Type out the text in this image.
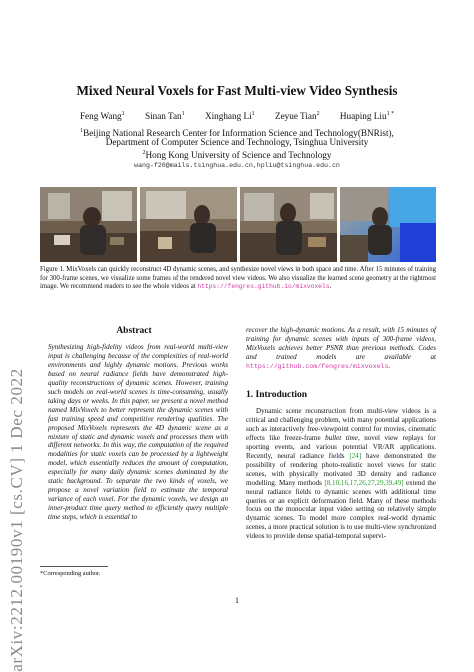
arXiv:2212.00190v1 [cs.CV] 1 Dec 2022
Mixed Neural Voxels for Fast Multi-view Video Synthesis
Feng Wang$^1$ Sinan Tan$^1$ Xinghang Li$^1$ Zeyue Tian$^2$ Huaping Liu$^{1 *}$
$^1$Beijing National Research Center for Information Science and Technology(BNRist),
Department of Computer Science and Technology, Tsinghua University
$^2$Hong Kong University of Science and Technology
wang-f20@mails.tsinghua.edu.cn,hpliu@tsinghua.edu.cn
Figure 1. MixVoxels can quickly reconstruct 4D dynamic scenes, and synthesize novel views in both space and time. After 15 minutes of training for 300-frame scenes, we visualize some frames of the rendered novel view videos. We also visualize the learned scene geometry at the rightmost image. We recommend readers to see the whole videos at https://fengres.github.io/mixvoxels.
Abstract

Synthesizing high-fidelity videos from real-world multi-view input is challenging because of the complexities of real-world environments and highly dynamic motions. Previous works based on neural radiance fields have demonstrated high-quality reconstructions of dynamic scenes. However, training such models on real-world scenes is time-consuming, usually taking days or weeks. In this paper, we present a novel method named MixVoxels to better represent the dynamic scenes with fast training speed and competitive rendering qualities. The proposed MixVoxels represents the 4D dynamic scene as a mixture of static and dynamic voxels and processes them with different networks. In this way, the computation of the required modalities for static voxels can be processed by a lightweight model, which essentially reduces the amount of computation, especially for many daily dynamic scenes dominated by the static background. To separate the two kinds of voxels, we propose a novel variation field to estimate the temporal variance of each voxel. For the dynamic voxels, we design an inner-product time query method to efficiently query multiple time steps, which is essential to

recover the high-dynamic motions. As a result, with 15 minutes of training for dynamic scenes with inputs of 300-frame videos, MixVoxels achieves better PSNR than previous methods. Codes and trained models are available at https://github.com/fengres/mixvoxels.
1. Introduction

Dynamic scene reconstruction from multi-view videos is a critical and challenging problem, with many potential applications such as interactively free-viewpoint control for movies, cinematic effects like freeze-frame bullet time, novel view replays for sporting events, and various potential VR/AR applications. Recently, neural radiance fields [24] have demonstrated the possibility of rendering photo-realistic novel views for static scenes, with physically motivated 3D density and radiance modelling. Many methods [8,10,16,17,26,27,29,39,49] extend the neural radiance fields to dynamic scenes with additional time queries or an explicit deformation field. Many of these methods focus on the monocular input video setting on relatively simple dynamic scenes. To model more complex real-world dynamic scenes, a more practical solution is to use multi-view synchronized videos to provide dense spatial-temporal supervi-

*Corresponding author.
1
